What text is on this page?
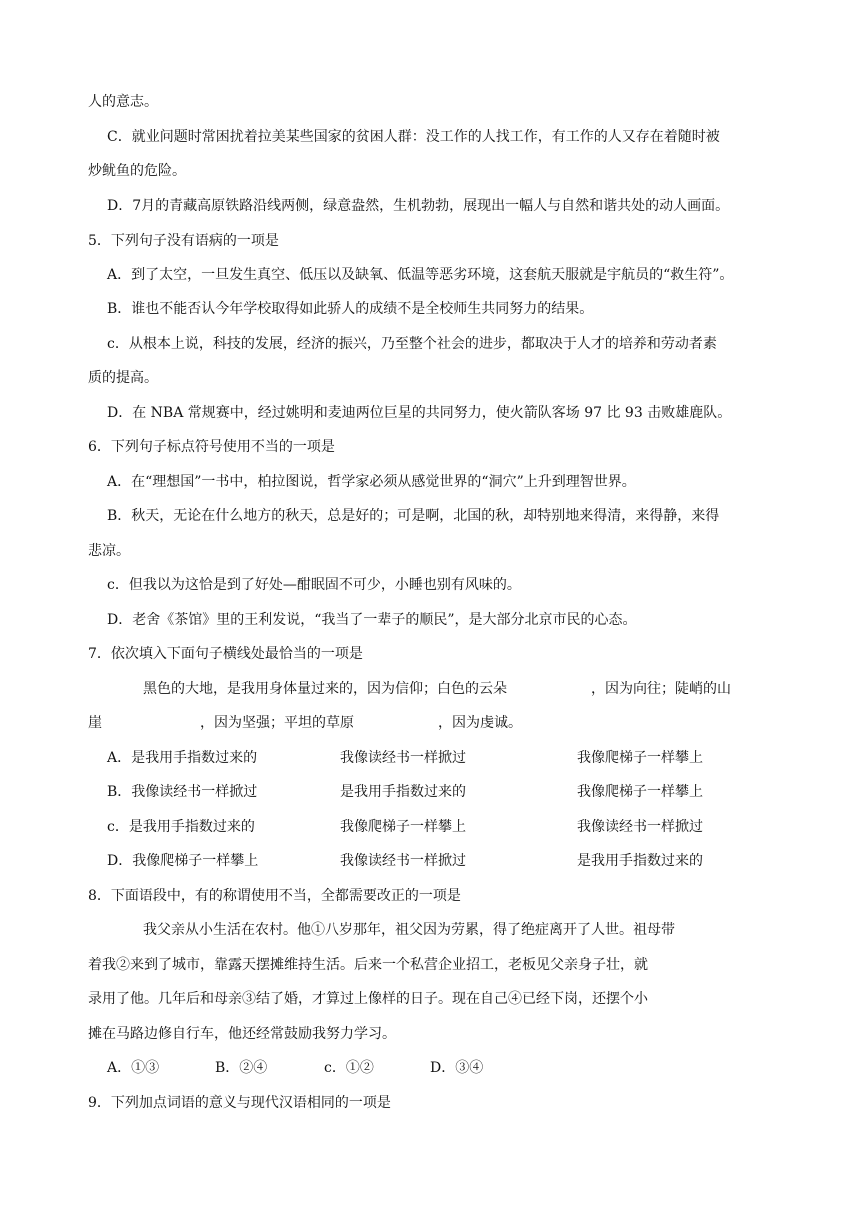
人的意志。
C．就业问题时常困扰着拉美某些国家的贫困人群：没工作的人找工作，有工作的人又存在着随时被
炒鱿鱼的危险。
D．7月的青藏高原铁路沿线两侧，绿意盎然，生机勃勃，展现出一幅人与自然和谐共处的动人画面。
5．下列句子没有语病的一项是
A．到了太空，一旦发生真空、低压以及缺氧、低温等恶劣环境，这套航天服就是宇航员的“救生符”。
B．谁也不能否认今年学校取得如此骄人的成绩不是全校师生共同努力的结果。
c．从根本上说，科技的发展，经济的振兴，乃至整个社会的进步，都取决于人才的培养和劳动者素
质的提高。
D．在 NBA 常规赛中，经过姚明和麦迪两位巨星的共同努力，使火箭队客场 97 比 93 击败雄鹿队。
6．下列句子标点符号使用不当的一项是
A．在“理想国”一书中，柏拉图说，哲学家必须从感觉世界的“洞穴”上升到理智世界。
B．秋天，无论在什么地方的秋天，总是好的；可是啊，北国的秋，却特别地来得清，来得静，来得
悲凉。
c．但我以为这恰是到了好处—酣眠固不可少，小睡也别有风味的。
D．老舍《茶馆》里的王利发说，“我当了一辈子的顺民”，是大部分北京市民的心态。
7．依次填入下面句子横线处最恰当的一项是
黑色的大地，是我用身体量过来的，因为信仰；白色的云朵　　　　　　，因为向往；陡峭的山
崖　　　　　　　，因为坚强；平坦的草原　　　　　　，因为虔诚。
A．是我用手指数过来的	我像读经书一样掀过	我像爬梯子一样攀上
B．我像读经书一样掀过	是我用手指数过来的	我像爬梯子一样攀上
c．是我用手指数过来的	我像爬梯子一样攀上	我像读经书一样掀过
D．我像爬梯子一样攀上	我像读经书一样掀过	是我用手指数过来的
8．下面语段中，有的称谓使用不当，全都需要改正的一项是
我父亲从小生活在农村。他①八岁那年，祖父因为劳累，得了绝症离开了人世。祖母带
着我②来到了城市，靠露天摆摊维持生活。后来一个私营企业招工，老板见父亲身子壮，就
录用了他。几年后和母亲③结了婚，才算过上像样的日子。现在自己④已经下岗，还摆个小
摊在马路边修自行车，他还经常鼓励我努力学习。
A．①③	B．②④	c．①②	D．③④
9．下列加点词语的意义与现代汉语相同的一项是
